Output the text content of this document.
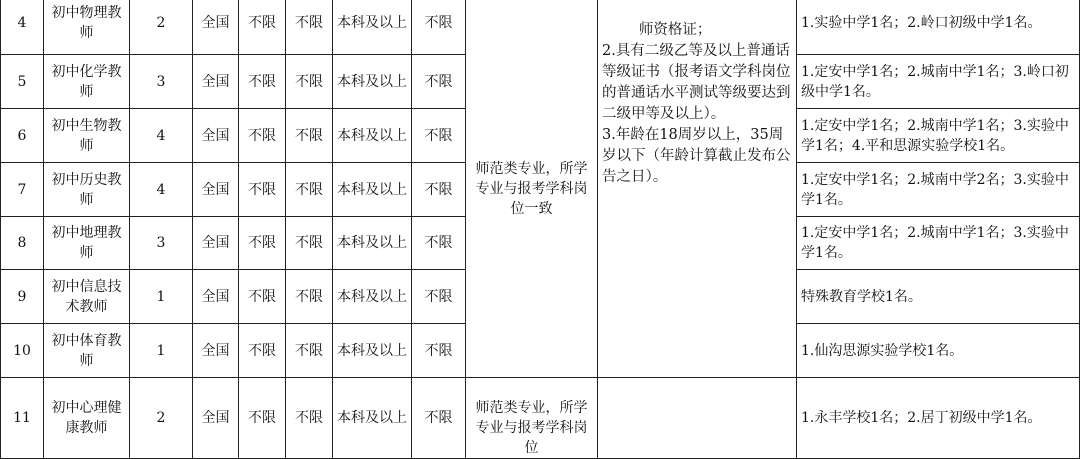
4	初中物理教师	2	全国	不限	不限	本科及以上	不限	师范类专业，所学专业与报考学科岗位一致	师资格证；
2.具有二级乙等及以上普通话等级证书（报考语文学科岗位的普通话水平测试等级要达到二级甲等及以上）。
3.年龄在18周岁以上，35周岁以下（年龄计算截止发布公告之日）。	1.实验中学1名；2.岭口初级中学1名。
5	初中化学教师	3	全国	不限	不限	本科及以上	不限			1.定安中学1名；2.城南中学1名；3.岭口初级中学1名。
6	初中生物教师	4	全国	不限	不限	本科及以上	不限			1.定安中学1名；2.城南中学1名；3.实验中学1名；4.平和思源实验学校1名。
7	初中历史教师	4	全国	不限	不限	本科及以上	不限			1.定安中学1名；2.城南中学2名；3.实验中学1名。
8	初中地理教师	3	全国	不限	不限	本科及以上	不限			1.定安中学1名；2.城南中学1名；3.实验中学1名。
9	初中信息技术教师	1	全国	不限	不限	本科及以上	不限			特殊教育学校1名。
10	初中体育教师	1	全国	不限	不限	本科及以上	不限			1.仙沟思源实验学校1名。
11	初中心理健康教师	2	全国	不限	不限	本科及以上	不限	师范类专业，所学专业与报考学科岗位		1.永丰学校1名；2.居丁初级中学1名。
